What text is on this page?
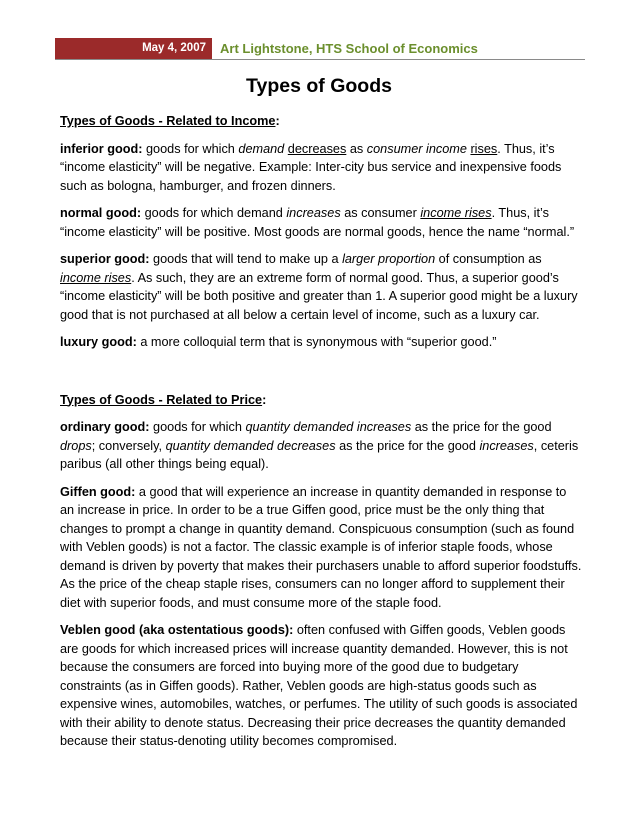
May 4, 2007	Art Lightstone, HTS School of Economics
Types of Goods
Types of Goods - Related to Income:

inferior good: goods for which demand decreases as consumer income rises. Thus, it’s “income elasticity” will be negative. Example: Inter-city bus service and inexpensive foods such as bologna, hamburger, and frozen dinners.

normal good: goods for which demand increases as consumer income rises. Thus, it’s “income elasticity” will be positive. Most goods are normal goods, hence the name “normal.”

superior good: goods that will tend to make up a larger proportion of consumption as income rises. As such, they are an extreme form of normal good. Thus, a superior good’s “income elasticity” will be both positive and greater than 1. A superior good might be a luxury good that is not purchased at all below a certain level of income, such as a luxury car.

luxury good: a more colloquial term that is synonymous with “superior good.”

Types of Goods - Related to Price:

ordinary good: goods for which quantity demanded increases as the price for the good drops; conversely, quantity demanded decreases as the price for the good increases, ceteris paribus (all other things being equal).

Giffen good: a good that will experience an increase in quantity demanded in response to an increase in price. In order to be a true Giffen good, price must be the only thing that changes to prompt a change in quantity demand. Conspicuous consumption (such as found with Veblen goods) is not a factor. The classic example is of inferior staple foods, whose demand is driven by poverty that makes their purchasers unable to afford superior foodstuffs. As the price of the cheap staple rises, consumers can no longer afford to supplement their diet with superior foods, and must consume more of the staple food.

Veblen good (aka ostentatious goods): often confused with Giffen goods, Veblen goods are goods for which increased prices will increase quantity demanded. However, this is not because the consumers are forced into buying more of the good due to budgetary constraints (as in Giffen goods). Rather, Veblen goods are high-status goods such as expensive wines, automobiles, watches, or perfumes. The utility of such goods is associated with their ability to denote status. Decreasing their price decreases the quantity demanded because their status-denoting utility becomes compromised.
